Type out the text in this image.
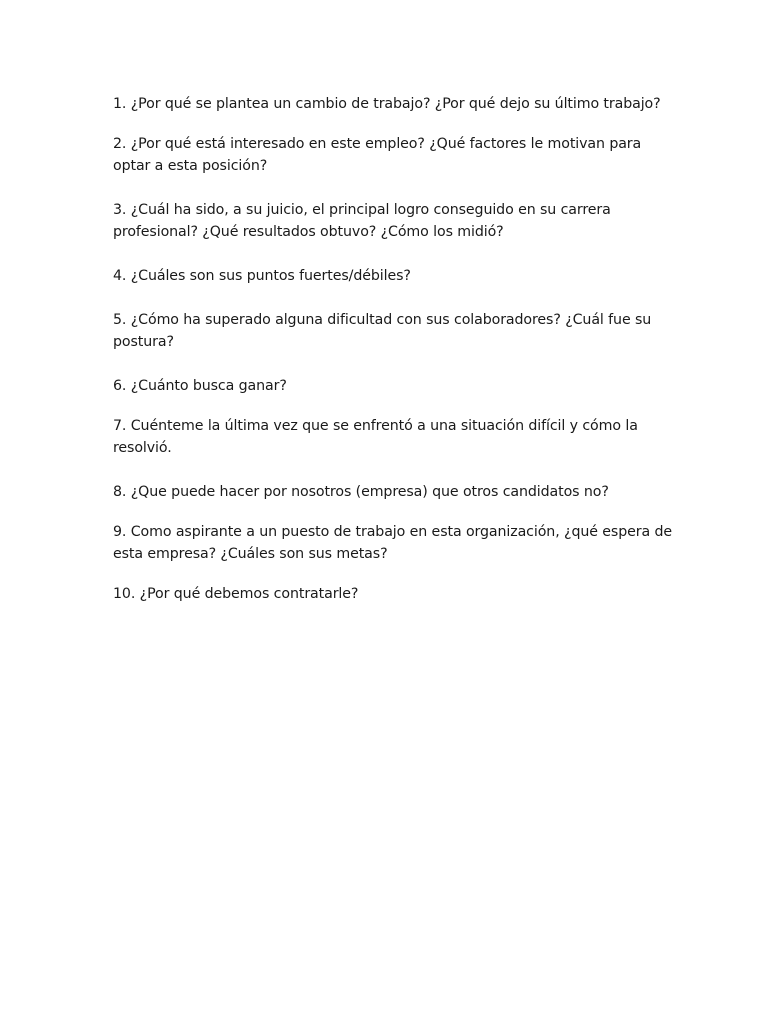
1. ¿Por qué se plantea un cambio de trabajo? ¿Por qué dejo su último trabajo?
2. ¿Por qué está interesado en este empleo? ¿Qué factores le motivan para optar a esta posición?
3. ¿Cuál ha sido, a su juicio, el principal logro conseguido en su carrera profesional? ¿Qué resultados obtuvo? ¿Cómo los midió?
4. ¿Cuáles son sus puntos fuertes/débiles?
5. ¿Cómo ha superado alguna dificultad con sus colaboradores? ¿Cuál fue su postura?
6. ¿Cuánto busca ganar?
7. Cuénteme la última vez que se enfrentó a una situación difícil y cómo la resolvió.
8. ¿Que puede hacer por nosotros (empresa) que otros candidatos no?
9. Como aspirante a un puesto de trabajo en esta organización, ¿qué espera de esta empresa? ¿Cuáles son sus metas?
10. ¿Por qué debemos contratarle?
